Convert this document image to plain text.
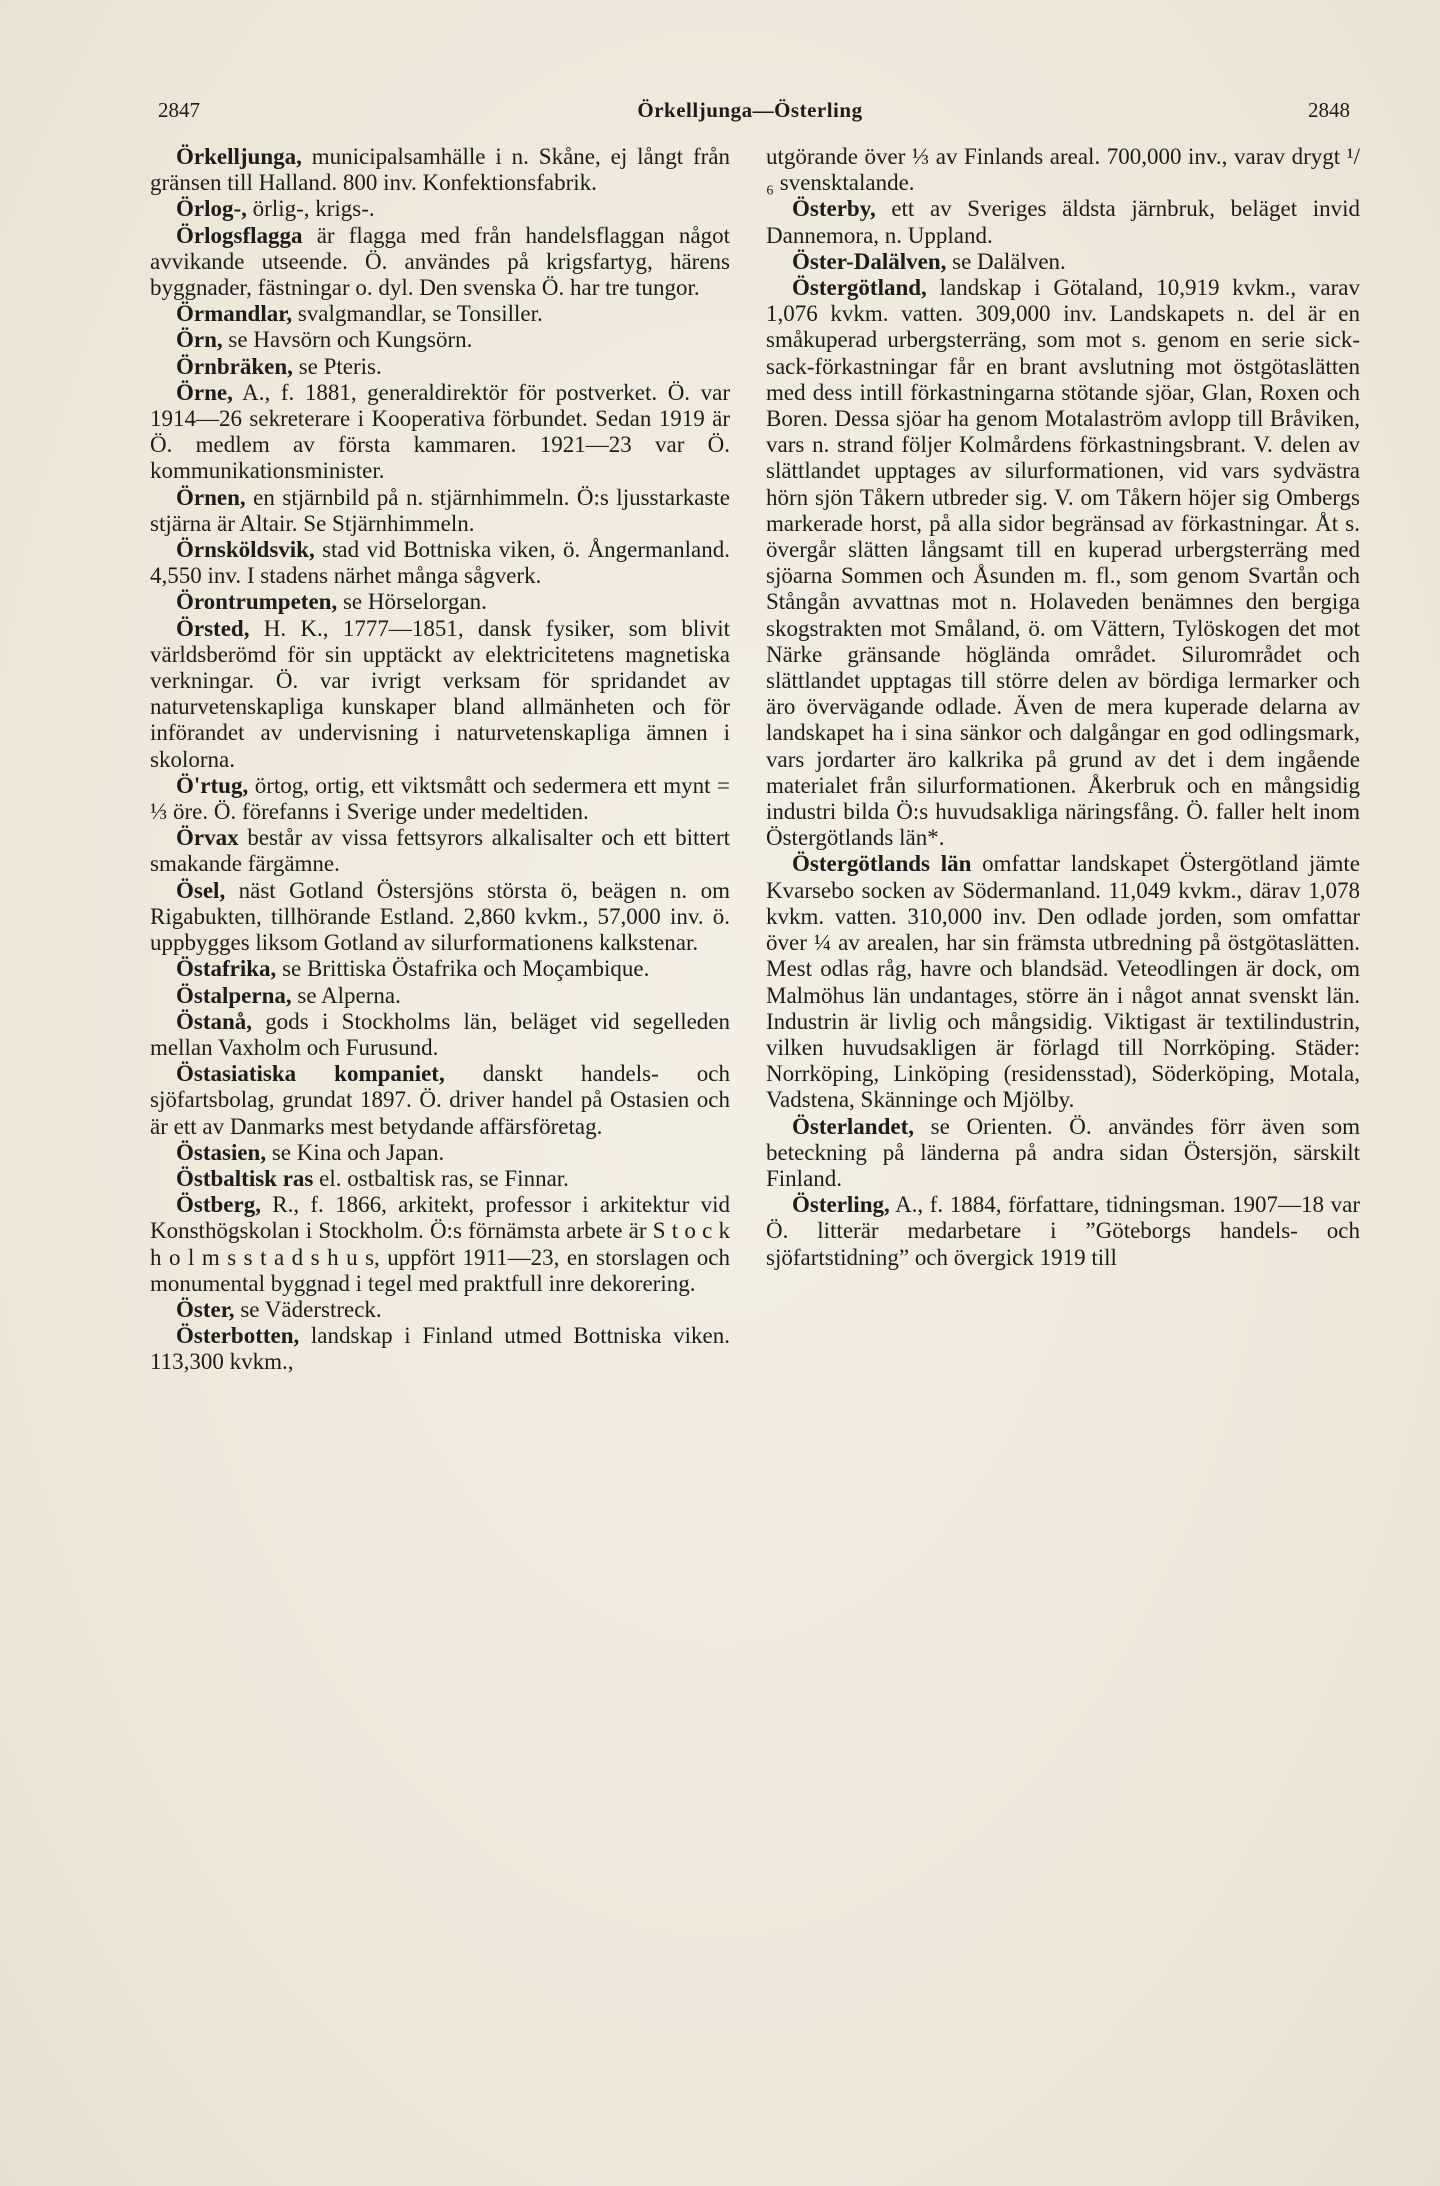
2847	Örkelljunga—Österling	2848

Örkelljunga, municipalsamhälle i n. Skåne, ej långt från gränsen till Halland. 800 inv. Konfektionsfabrik.

Örlog-, örlig-, krigs-.

Örlogsflagga är flagga med från handelsflaggan något avvikande utseende. Ö. användes på krigsfartyg, härens byggnader, fästningar o. dyl. Den svenska Ö. har tre tungor.

Örmandlar, svalgmandlar, se Tonsiller.

Örn, se Havsörn och Kungsörn.

Örnbräken, se Pteris.

Örne, A., f. 1881, generaldirektör för postverket. Ö. var 1914—26 sekreterare i Kooperativa förbundet. Sedan 1919 är Ö. medlem av första kammaren. 1921—23 var Ö. kommunikationsminister.

Örnen, en stjärnbild på n. stjärnhimmeln. Ö:s ljusstarkaste stjärna är Altair. Se Stjärnhimmeln.

Örnsköldsvik, stad vid Bottniska viken, ö. Ångermanland. 4,550 inv. I stadens närhet många sågverk.

Örontrumpeten, se Hörselorgan.

Örsted, H. K., 1777—1851, dansk fysiker, som blivit världsberömd för sin upptäckt av elektricitetens magnetiska verkningar. Ö. var ivrigt verksam för spridandet av naturvetenskapliga kunskaper bland allmänheten och för införandet av undervisning i naturvetenskapliga ämnen i skolorna.

Ö'rtug, örtog, ortig, ett viktsmått och sedermera ett mynt = ⅓ öre. Ö. förefanns i Sverige under medeltiden.

Örvax består av vissa fettsyrors alkalisalter och ett bittert smakande färgämne.

Ösel, näst Gotland Östersjöns största ö, beägen n. om Rigabukten, tillhörande Estland. 2,860 kvkm., 57,000 inv. ö. uppbygges liksom Gotland av silurformationens kalkstenar.

Östafrika, se Brittiska Östafrika och Moçambique.

Östalperna, se Alperna.

Östanå, gods i Stockholms län, beläget vid segelleden mellan Vaxholm och Furusund.

Östasiatiska kompaniet, danskt handels- och sjöfartsbolag, grundat 1897. Ö. driver handel på Ostasien och är ett av Danmarks mest betydande affärsföretag.

Östasien, se Kina och Japan.

Östbaltisk ras el. ostbaltisk ras, se Finnar.

Östberg, R., f. 1866, arkitekt, professor i arkitektur vid Konsthögskolan i Stockholm. Ö:s förnämsta arbete är S t o c k h o l m s s t a d s h u s, uppfört 1911—23, en storslagen och monumental byggnad i tegel med praktfull inre dekorering.

Öster, se Väderstreck.

Österbotten, landskap i Finland utmed Bottniska viken. 113,300 kvkm.,

utgörande över ⅓ av Finlands areal. 700,000 inv., varav drygt ¹/₆ svensktalande.

Österby, ett av Sveriges äldsta järnbruk, beläget invid Dannemora, n. Uppland.

Öster-Dalälven, se Dalälven.

Östergötland, landskap i Götaland, 10,919 kvkm., varav 1,076 kvkm. vatten. 309,000 inv. Landskapets n. del är en småkuperad urbergsterräng, som mot s. genom en serie sick-sack-förkastningar får en brant avslutning mot östgötaslätten med dess intill förkastningarna stötande sjöar, Glan, Roxen och Boren. Dessa sjöar ha genom Motalaström avlopp till Bråviken, vars n. strand följer Kolmårdens förkastningsbrant. V. delen av slättlandet upptages av silurformationen, vid vars sydvästra hörn sjön Tåkern utbreder sig. V. om Tåkern höjer sig Ombergs markerade horst, på alla sidor begränsad av förkastningar. Åt s. övergår slätten långsamt till en kuperad urbergsterräng med sjöarna Sommen och Åsunden m. fl., som genom Svartån och Stångån avvattnas mot n. Holaveden benämnes den bergiga skogstrakten mot Småland, ö. om Vättern, Tylöskogen det mot Närke gränsande höglända området. Silurområdet och slättlandet upptagas till större delen av bördiga lermarker och äro övervägande odlade. Även de mera kuperade delarna av landskapet ha i sina sänkor och dalgångar en god odlingsmark, vars jordarter äro kalkrika på grund av det i dem ingående materialet från silurformationen. Åkerbruk och en mångsidig industri bilda Ö:s huvudsakliga näringsfång. Ö. faller helt inom Östergötlands län*.

Östergötlands län omfattar landskapet Östergötland jämte Kvarsebo socken av Södermanland. 11,049 kvkm., därav 1,078 kvkm. vatten. 310,000 inv. Den odlade jorden, som omfattar över ¼ av arealen, har sin främsta utbredning på östgötaslätten. Mest odlas råg, havre och blandsäd. Veteodlingen är dock, om Malmöhus län undantages, större än i något annat svenskt län. Industrin är livlig och mångsidig. Viktigast är textilindustrin, vilken huvudsakligen är förlagd till Norrköping. Städer: Norrköping, Linköping (residensstad), Söderköping, Motala, Vadstena, Skänninge och Mjölby.

Österlandet, se Orienten. Ö. användes förr även som beteckning på länderna på andra sidan Östersjön, särskilt Finland.

Österling, A., f. 1884, författare, tidningsman. 1907—18 var Ö. litterär medarbetare i ”Göteborgs handels- och sjöfartstidning” och övergick 1919 till
